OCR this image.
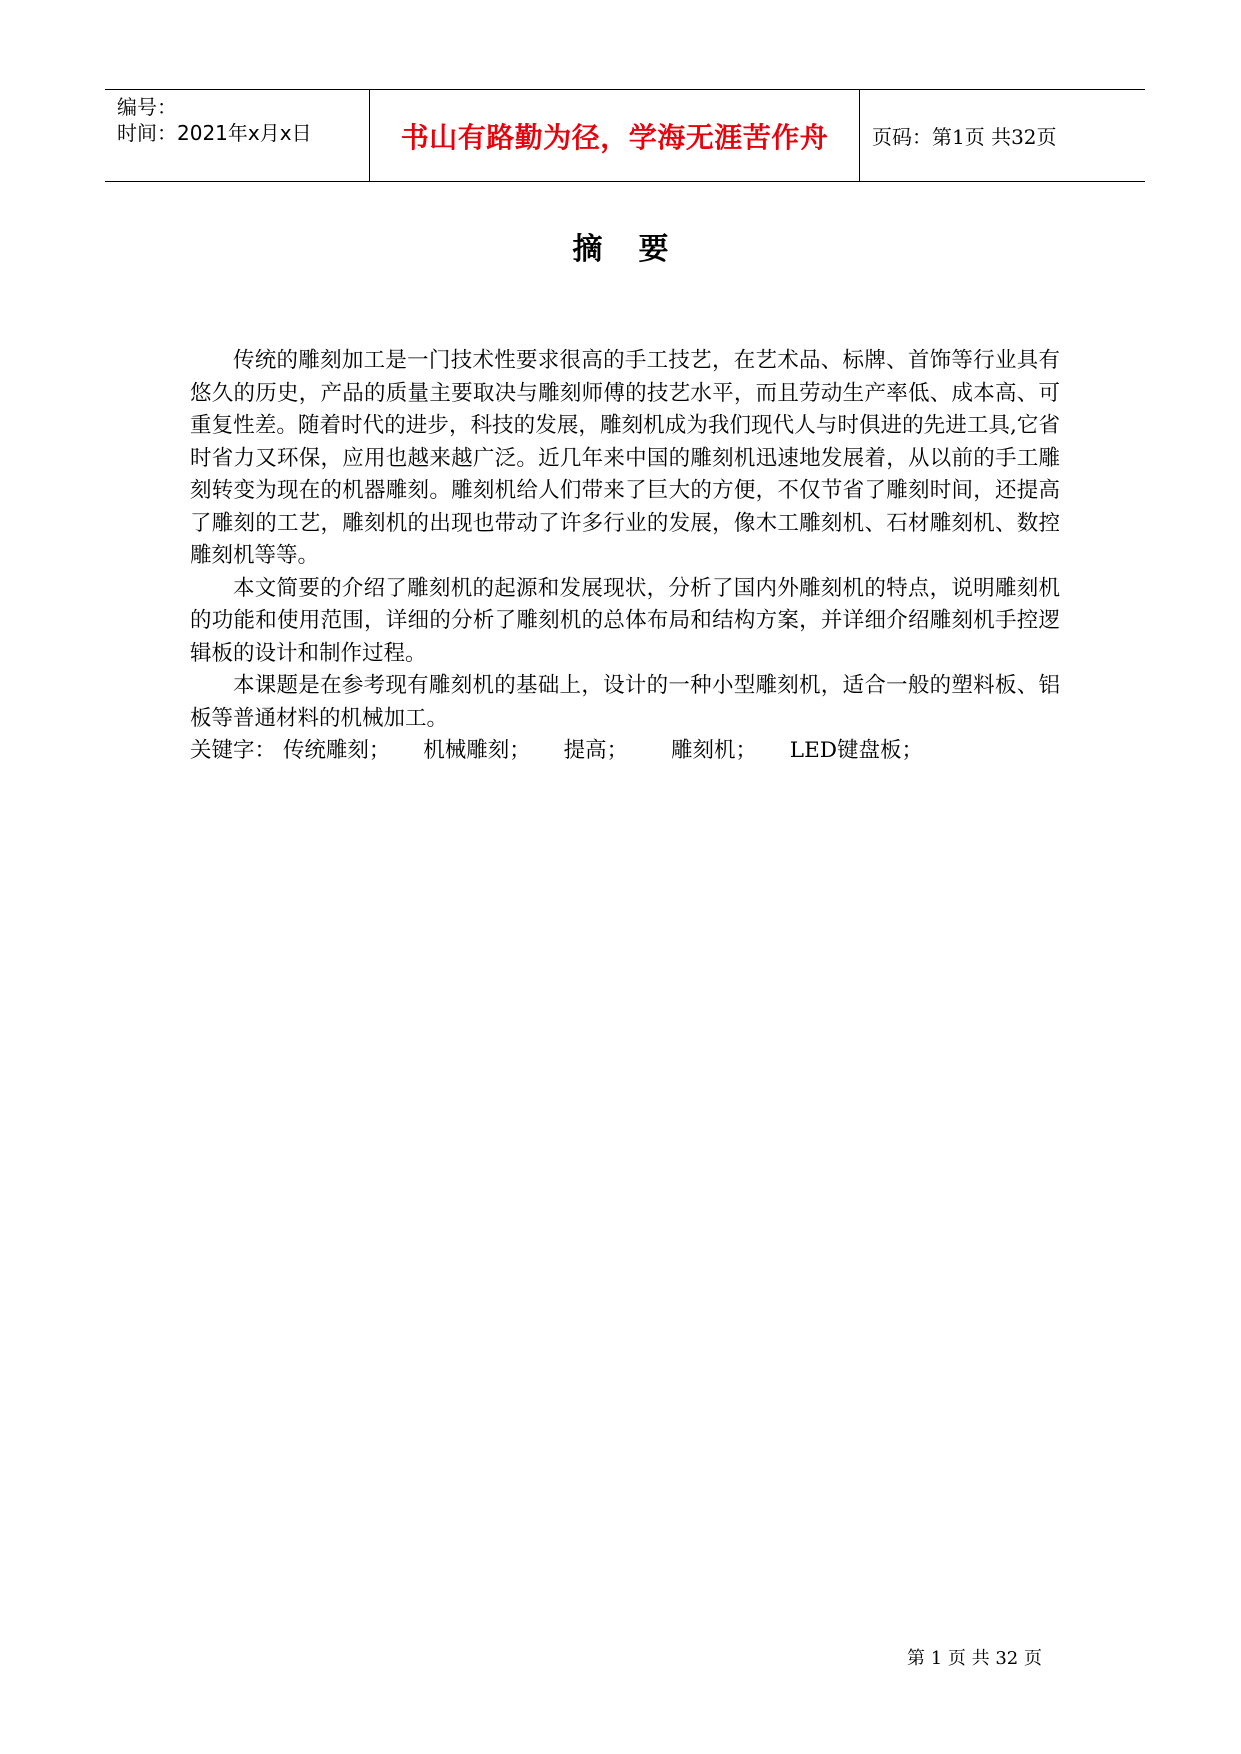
编号：
时间：2021年x月x日	书山有路勤为径，学海无涯苦作舟	页码：第1页 共32页
摘要

传统的雕刻加工是一门技术性要求很高的手工技艺，在艺术品、标牌、首饰等行业具有悠久的历史，产品的质量主要取决与雕刻师傅的技艺水平，而且劳动生产率低、成本高、可重复性差。随着时代的进步，科技的发展，雕刻机成为我们现代人与时俱进的先进工具,它省时省力又环保，应用也越来越广泛。近几年来中国的雕刻机迅速地发展着，从以前的手工雕刻转变为现在的机器雕刻。雕刻机给人们带来了巨大的方便，不仅节省了雕刻时间，还提高了雕刻的工艺，雕刻机的出现也带动了许多行业的发展，像木工雕刻机、石材雕刻机、数控雕刻机等等。

本文简要的介绍了雕刻机的起源和发展现状，分析了国内外雕刻机的特点，说明雕刻机的功能和使用范围，详细的分析了雕刻机的总体布局和结构方案，并详细介绍雕刻机手控逻辑板的设计和制作过程。

本课题是在参考现有雕刻机的基础上，设计的一种小型雕刻机，适合一般的塑料板、铝板等普通材料的机械加工。

关键字： 传统雕刻； 机械雕刻； 提高； 雕刻机； LED键盘板；
第 1 页 共 32 页
